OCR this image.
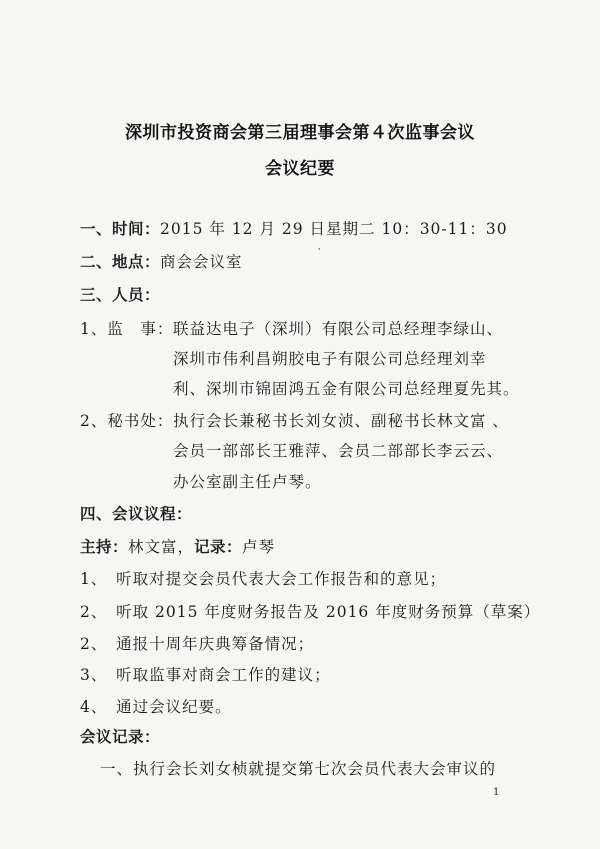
深圳市投资商会第三届理事会第４次监事会议
会议纪要
一、时间：2015 年 12 月 29 日星期二 10：30-11：30
二、地点：商会会议室	⠁
三、人员：
1、监　事： 联益达电子（深圳）有限公司总经理李绿山、
深圳市伟利昌朔胶电子有限公司总经理刘幸
利、深圳市锦固鸿五金有限公司总经理夏先其。
2、秘书处： 执行会长兼秘书长刘女浈、副秘书长林文富 、
会员一部部长王雅萍、会员二部部长李云云、
办公室副主任卢琴。
四、会议议程：
主持：林文富，记录：卢琴
1、　听取对提交会员代表大会工作报告和的意见；
2、　听取 2015 年度财务报告及 2016 年度财务预算（草案）
2、　通报十周年庆典筹备情况；
3、　听取监事对商会工作的建议；
4、　通过会议纪要。
会议记录：
一、执行会长刘女桢就提交第七次会员代表大会审议的
1
